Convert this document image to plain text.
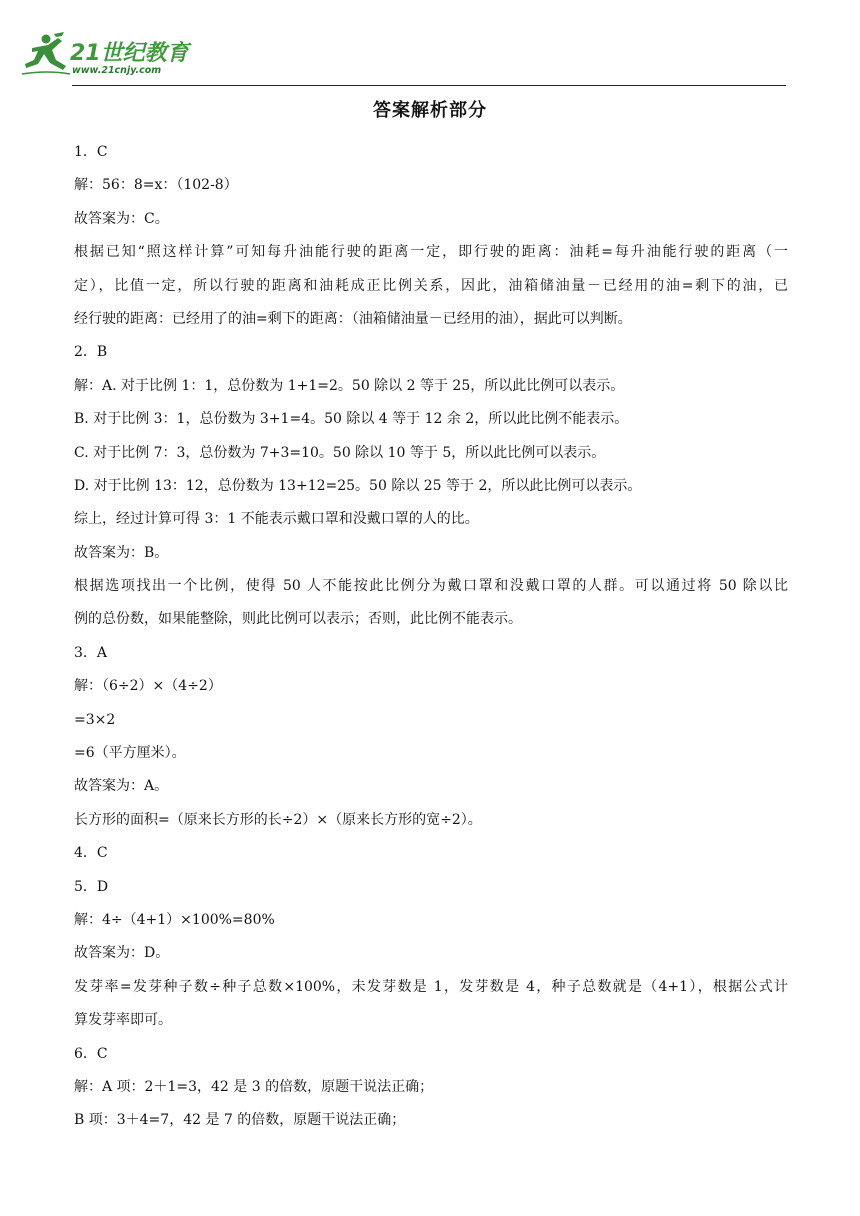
21世纪教育
www.21cnjy.com
答案解析部分
1．C
解：56：8=x：（102-8）
故答案为：C。
根据已知“照这样计算”可知每升油能行驶的距离一定，即行驶的距离：油耗=每升油能行驶的距离（一
定），比值一定，所以行驶的距离和油耗成正比例关系，因此，油箱储油量－已经用的油=剩下的油，已
经行驶的距离：已经用了的油=剩下的距离：（油箱储油量－已经用的油），据此可以判断。
2．B
解：A. 对于比例 1：1，总份数为 1+1=2。50 除以 2 等于 25，所以此比例可以表示。
B. 对于比例 3：1，总份数为 3+1=4。50 除以 4 等于 12 余 2，所以此比例不能表示。
C. 对于比例 7：3，总份数为 7+3=10。50 除以 10 等于 5，所以此比例可以表示。
D. 对于比例 13：12，总份数为 13+12=25。50 除以 25 等于 2，所以此比例可以表示。
综上，经过计算可得 3：1 不能表示戴口罩和没戴口罩的人的比。
故答案为：B。
根据选项找出一个比例，使得 50 人不能按此比例分为戴口罩和没戴口罩的人群。可以通过将 50 除以比
例的总份数，如果能整除，则此比例可以表示；否则，此比例不能表示。
3．A
解：（6÷2）×（4÷2）
=3×2
=6（平方厘米）。
故答案为：A。
长方形的面积=（原来长方形的长÷2）×（原来长方形的宽÷2）。
4．C
5．D
解：4÷（4+1）×100%=80%
故答案为：D。
发芽率=发芽种子数÷种子总数×100%，未发芽数是 1，发芽数是 4，种子总数就是（4+1），根据公式计
算发芽率即可。
6．C
解：A 项：2＋1=3，42 是 3 的倍数，原题干说法正确；
B 项：3＋4=7，42 是 7 的倍数，原题干说法正确；
